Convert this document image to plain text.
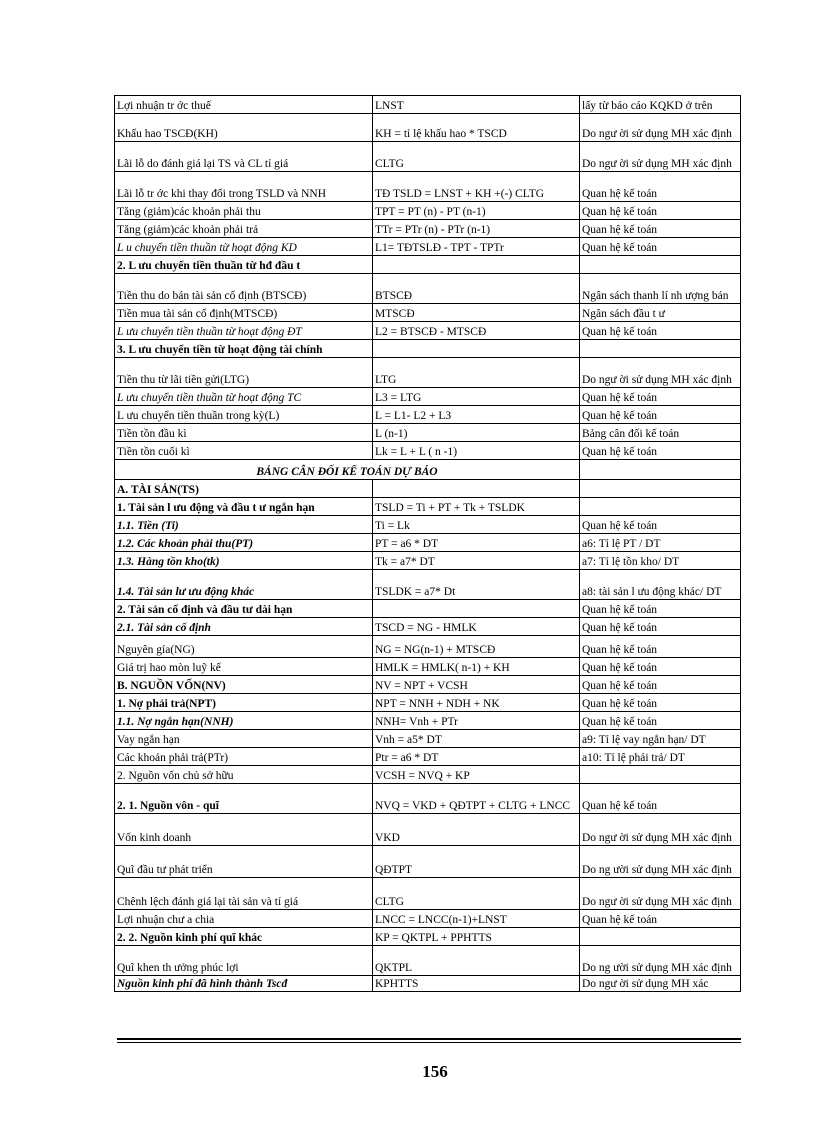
Lợi nhuận tr ớc thuế	LNST	lấy từ báo cáo KQKD ở trên
Khấu hao TSCĐ(KH)	KH = tỉ lệ khấu hao * TSCD	Do ngư ời sử dụng MH xác định
Lãi lỗ do đánh giá lại TS và CL tỉ giá	CLTG	Do ngư ời sử dụng MH xác định
Lãi lỗ tr ớc khi thay đổi trong TSLD và NNH	TĐ TSLD = LNST + KH +(-) CLTG	Quan hệ kế toán
Tăng (giảm)các khoản phải thu	TPT = PT (n) - PT (n-1)	Quan hệ kế toán
Tăng (giảm)các khoản phải trả	TTr = PTr (n) - PTr (n-1)	Quan hệ kế toán
L u chuyển tiền thuần từ hoạt động KD	L1= TĐTSLĐ - TPT - TPTr	Quan hệ kế toán
2. L ưu chuyển tiền thuần từ hđ đầu t		
Tiền thu do bán tài sản cố định (BTSCĐ)	BTSCĐ	Ngân sách thanh lí nh ượng bán
Tiền mua tài sản cố định(MTSCĐ)	MTSCĐ	Ngân sách đầu t ư
L ưu chuyển tiền thuần từ hoạt động ĐT	L2 = BTSCĐ - MTSCĐ	Quan hệ kế toán
3. L ưu chuyển tiền từ hoạt động tài chính		
Tiền thu từ lãi tiền gửi(LTG)	LTG	Do ngư ời sử dụng MH xác định
L ưu chuyển tiền thuần từ hoạt động TC	L3 = LTG	Quan hệ kế toán
L ưu chuyển tiền thuần trong kỳ(L)	L = L1- L2 + L3	Quan hệ kế toán
Tiền tồn đầu kì	L (n-1)	Bảng cân đối kế toán
Tiền tồn cuối kì	Lk = L + L ( n -1)	Quan hệ kế toán
BẢNG CÂN ĐỐI KẾ TOÁN DỰ BÁO		
A. TÀI SẢN(TS)		
1. Tài sản l ưu động và đầu t ư ngắn hạn	TSLD = Ti + PT + Tk + TSLDK	
1.1. Tiền (Ti)	Ti = Lk	Quan hệ kế toán
1.2. Các khoản phải thu(PT)	PT = a6 * DT	a6: Tỉ lệ PT / DT
1.3. Hàng tồn kho(tk)	Tk = a7* DT	a7: Tỉ lệ tồn kho/ DT
1.4. Tài sản lư ưu động khác	TSLDK = a7* Dt	a8: tài sản l ưu động khác/ DT
2. Tài sản cố định và đầu tư dài hạn		Quan hệ kế toán
2.1. Tài sản cố định	TSCD = NG - HMLK	Quan hệ kế toán
Nguyên gía(NG)	NG = NG(n-1) + MTSCĐ	Quan hệ kế toán
Giá trị hao mòn luỹ kế	HMLK = HMLK( n-1) + KH	Quan hệ kế toán
B. NGUỒN VỐN(NV)	NV = NPT + VCSH	Quan hệ kế toán
1. Nợ phải trả(NPT)	NPT = NNH + NDH + NK	Quan hệ kế toán
1.1. Nợ ngắn hạn(NNH)	NNH= Vnh + PTr	Quan hệ kế toán
Vay ngắn hạn	Vnh = a5* DT	a9: Tỉ lệ vay ngắn hạn/ DT
Các khoản phải trả(PTr)	Ptr = a6 * DT	a10: Tỉ lệ phải trả/ DT
2. Nguồn vốn chủ sở hữu	VCSH = NVQ + KP	
2. 1. Nguồn vôn - quĩ	NVQ = VKD + QĐTPT + CLTG + LNCC	Quan hệ kế toán
Vốn kinh doanh	VKD	Do ngư ời sử dụng MH xác định
Quĩ đầu tư phát triển	QĐTPT	Do ng ười sử dụng MH xác định
Chênh lệch đánh giá lại tài sản và tỉ giá	CLTG	Do ngư ời sử dụng MH xác định
Lợi nhuận chư a chia	LNCC = LNCC(n-1)+LNST	Quan hệ kế toán
2. 2. Nguồn kinh phí quĩ khác	KP = QKTPL + PPHTTS	
Quĩ khen th ưởng phúc lợi	QKTPL	Do ng ười sử dụng MH xác định
Nguồn kinh phí đã hình thành Tscđ	KPHTTS	Do ngư ời sử dụng MH xác
156
